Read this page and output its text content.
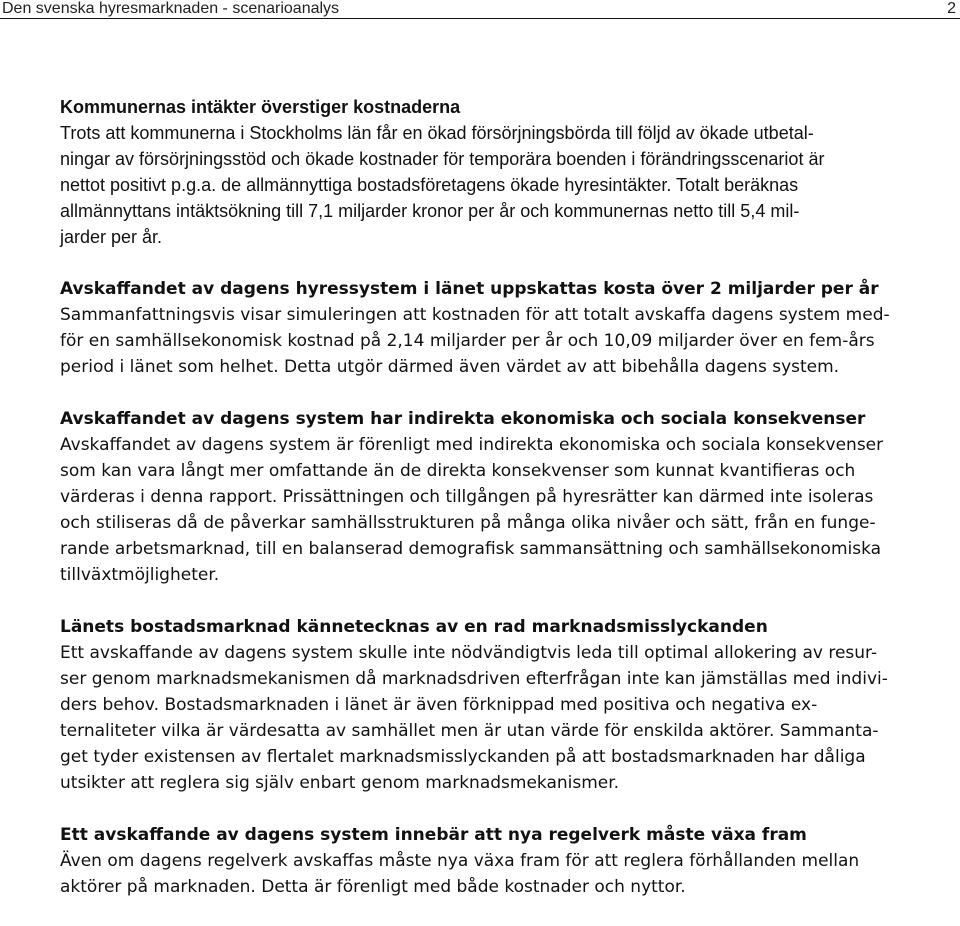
Den svenska hyresmarknaden - scenarioanalys	2
Kommunernas intäkter överstiger kostnaderna

Trots att kommunerna i Stockholms län får en ökad försörjningsbörda till följd av ökade utbetal-
ningar av försörjningsstöd och ökade kostnader för temporära boenden i förändringsscenariot är
nettot positivt p.g.a. de allmännyttiga bostadsföretagens ökade hyresintäkter. Totalt beräknas
allmännyttans intäktsökning till 7,1 miljarder kronor per år och kommunernas netto till 5,4 mil-
jarder per år.

Avskaffandet av dagens hyressystem i länet uppskattas kosta över 2 miljarder per år

Sammanfattningsvis visar simuleringen att kostnaden för att totalt avskaffa dagens system med-
för en samhällsekonomisk kostnad på 2,14 miljarder per år och 10,09 miljarder över en fem-års
period i länet som helhet. Detta utgör därmed även värdet av att bibehålla dagens system.

Avskaffandet av dagens system har indirekta ekonomiska och sociala konsekvenser

Avskaffandet av dagens system är förenligt med indirekta ekonomiska och sociala konsekvenser
som kan vara långt mer omfattande än de direkta konsekvenser som kunnat kvantifieras och
värderas i denna rapport. Prissättningen och tillgången på hyresrätter kan därmed inte isoleras
och stiliseras då de påverkar samhällsstrukturen på många olika nivåer och sätt, från en funge-
rande arbetsmarknad, till en balanserad demografisk sammansättning och samhällsekonomiska
tillväxtmöjligheter.

Länets bostadsmarknad kännetecknas av en rad marknadsmisslyckanden

Ett avskaffande av dagens system skulle inte nödvändigtvis leda till optimal allokering av resur-
ser genom marknadsmekanismen då marknadsdriven efterfrågan inte kan jämställas med indivi-
ders behov. Bostadsmarknaden i länet är även förknippad med positiva och negativa ex-
ternaliteter vilka är värdesatta av samhället men är utan värde för enskilda aktörer. Sammanta-
get tyder existensen av flertalet marknadsmisslyckanden på att bostadsmarknaden har dåliga
utsikter att reglera sig själv enbart genom marknadsmekanismer.

Ett avskaffande av dagens system innebär att nya regelverk måste växa fram

Även om dagens regelverk avskaffas måste nya växa fram för att reglera förhållanden mellan
aktörer på marknaden. Detta är förenligt med både kostnader och nyttor.
